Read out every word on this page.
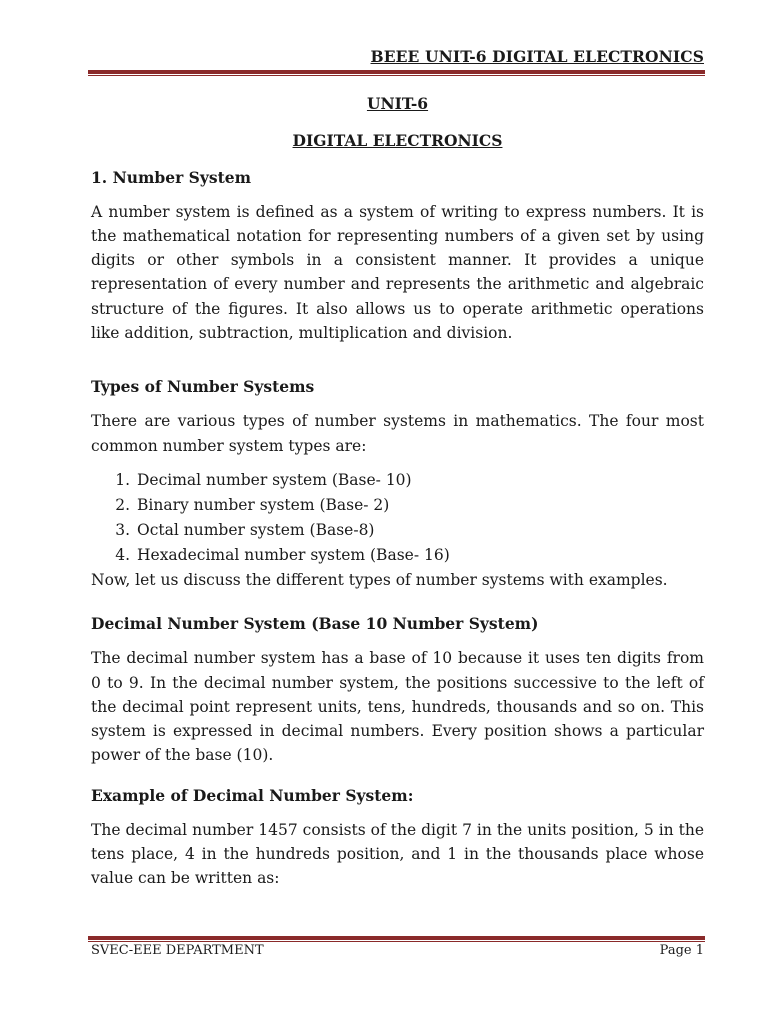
BEEE UNIT-6 DIGITAL ELECTRONICS

UNIT-6

DIGITAL ELECTRONICS

1. Number System

A number system is defined as a system of writing to express numbers. It is the mathematical notation for representing numbers of a given set by using digits or other symbols in a consistent manner. It provides a unique representation of every number and represents the arithmetic and algebraic structure of the figures. It also allows us to operate arithmetic operations like addition, subtraction, multiplication and division.

Types of Number Systems

There are various types of number systems in mathematics. The four most common number system types are:

1. Decimal number system (Base- 10)
2. Binary number system (Base- 2)
3. Octal number system (Base-8)
4. Hexadecimal number system (Base- 16)

Now, let us discuss the different types of number systems with examples.

Decimal Number System (Base 10 Number System)

The decimal number system has a base of 10 because it uses ten digits from 0 to 9. In the decimal number system, the positions successive to the left of the decimal point represent units, tens, hundreds, thousands and so on. This system is expressed in decimal numbers. Every position shows a particular power of the base (10).

Example of Decimal Number System:

The decimal number 1457 consists of the digit 7 in the units position, 5 in the tens place, 4 in the hundreds position, and 1 in the thousands place whose value can be written as:

SVEC-EEE DEPARTMENT	Page 1
